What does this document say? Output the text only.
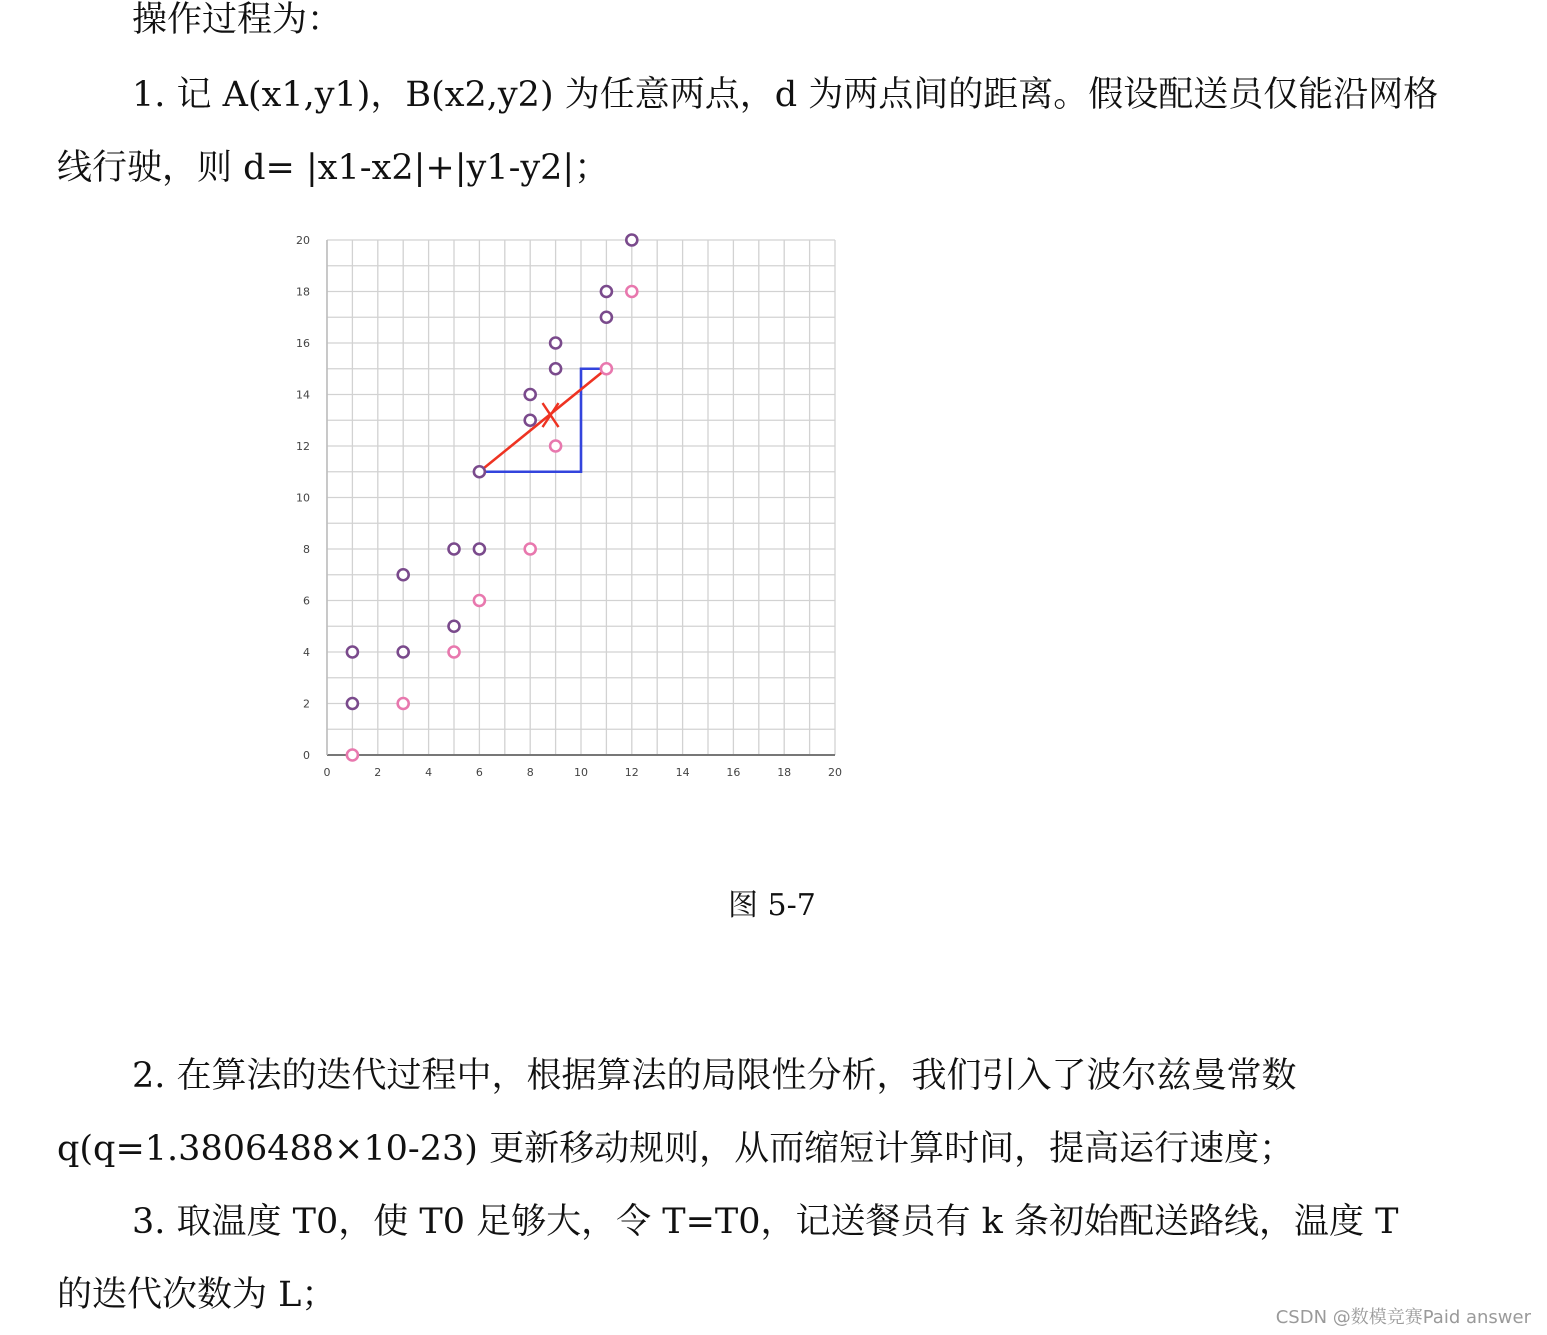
操作过程为：
1. 记 A(x1,y1)，B(x2,y2) 为任意两点，d 为两点间的距离。假设配送员仅能沿网格
线行驶，则 d= |x1-x2|+|y1-y2|；
0	2	4	6	8	10	12	14	16	18	20
0
2
4
6
8
10
12
14
16
18
20
图 5-7
2. 在算法的迭代过程中，根据算法的局限性分析，我们引入了波尔兹曼常数
q(q=1.3806488×10-23) 更新移动规则，从而缩短计算时间，提高运行速度；
3. 取温度 T0，使 T0 足够大，令 T=T0，记送餐员有 k 条初始配送路线，温度 T
的迭代次数为 L；
CSDN @数模竞赛Paid answer
